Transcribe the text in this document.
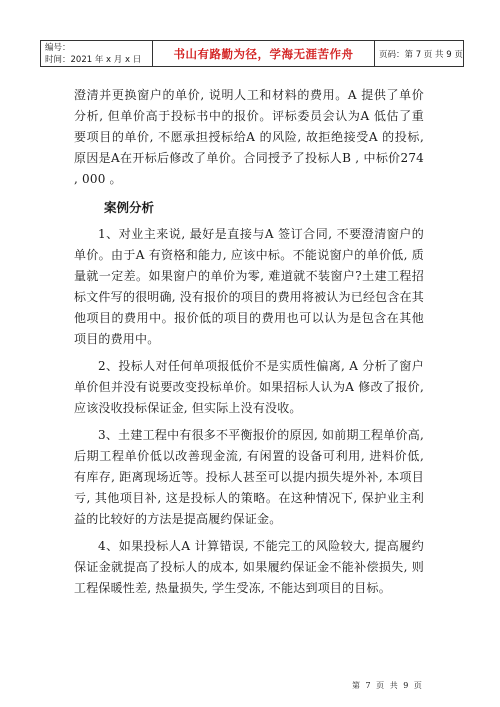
编号：
时间：2021 年 x 月 x 日	书山有路勤为径，学海无涯苦作舟	页码：第 7 页 共 9 页

澄清并更换窗户的单价, 说明人工和材料的费用。A 提供了单价分析, 但单价高于投标书中的报价。评标委员会认为A 低估了重要项目的单价, 不愿承担授标给A 的风险, 故拒绝接受A 的投标, 原因是A在开标后修改了单价。合同授予了投标人B , 中标价274 , 000 。

案例分析

1、对业主来说, 最好是直接与A 签订合同, 不要澄清窗户的单价。由于A 有资格和能力, 应该中标。不能说窗户的单价低, 质量就一定差。如果窗户的单价为零, 难道就不装窗户?土建工程招标文件写的很明确, 没有报价的项目的费用将被认为已经包含在其他项目的费用中。报价低的项目的费用也可以认为是包含在其他项目的费用中。

2、投标人对任何单项报低价不是实质性偏离, A 分析了窗户单价但并没有说要改变投标单价。如果招标人认为A 修改了报价, 应该没收投标保证金, 但实际上没有没收。

3、土建工程中有很多不平衡报价的原因, 如前期工程单价高, 后期工程单价低以改善现金流, 有闲置的设备可利用, 进料价低, 有库存, 距离现场近等。投标人甚至可以提内损失堤外补, 本项目亏, 其他项目补, 这是投标人的策略。在这种情况下, 保护业主利益的比较好的方法是提高履约保证金。

4、如果投标人A 计算错误, 不能完工的风险较大, 提高履约保证金就提高了投标人的成本, 如果履约保证金不能补偿损失, 则工程保暖性差, 热量损失, 学生受冻, 不能达到项目的目标。

第 7 页 共 9 页
